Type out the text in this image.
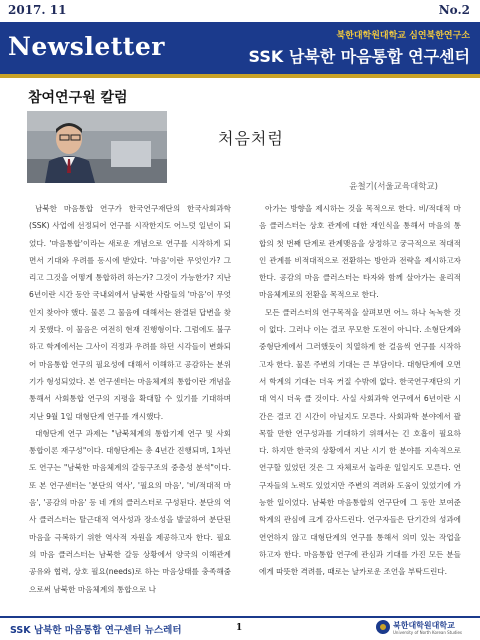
2017. 11	No.2
Newsletter	북한대학원대학교 심연북한연구소
SSK 남북한 마음통합 연구센터
참여연구원 칼럼
처음처럼
윤철기(서울교육대학교)

남북한 마음통합 연구가 한국연구재단의 한국사회과학(SSK) 사업에 선정되어 연구를 시작한지도 어느덧 일년이 되었다. '마음통합'이라는 새로운 개념으로 연구를 시작하게 되면서 기대와 우려를 동시에 받았다. '마음'이란 무엇인가? 그리고 그것을 어떻게 통합하려 하는가? 그것이 가능한가? 지난 6년이란 시간 동안 국내외에서 남북한 사람들의 '마음'이 무엇인지 찾아야 했다. 물론 그 물음에 대해서는 완결된 답변을 찾지 못했다. 이 물음은 여전히 현재 진행형이다. 그럼에도 불구하고 학계에서는 그사이 걱정과 우려를 하던 시각들이 변화되어 마음통합 연구의 필요성에 대해서 이해하고 공감하는 분위기가 형성되었다. 본 연구센터는 마음체계의 통합이란 개념을 통해서 사회통합 연구의 지평을 확대할 수 있기를 기대하며 지난 9월 1일 대형단계 연구를 개시했다.

대형단계 연구 과제는 "남북체계의 통합기제 연구 및 사회통합이론 재구성"이다. 대형단계는 총 4년간 진행되며, 1차년도 연구는 "남북한 마음체계의 갈등구조의 중층성 분석"이다. 또 본 연구센터는 '분단의 역사', '필요의 마음', '비/적대적 마음', '공감의 마음' 등 네 개의 클러스터로 구성된다. 분단의 역사 클러스터는 탈근대적 역사성과 장소성을 발굴하여 분단된 마음을 극복하기 위한 역사적 자원을 제공하고자 한다. 필요의 마음 클러스터는 남북한 갈등 상황에서 양국의 이해관계 공유와 협력, 상호 필요(needs)로 하는 마음상태를 충족해줌으로써 남북한 마음체계의 통합으로 나

아가는 방향을 제시하는 것을 목적으로 한다. 비/적대적 마음 클러스터는 상호 관계에 대한 재인식을 통해서 마음의 통합의 첫 번째 단계로 관계맺음을 상정하고 궁극적으로 적대적인 관계를 비적대적으로 전환하는 방안과 전략을 제시하고자 한다. 공감의 마음 클러스터는 타자와 함께 살아가는 윤리적 마음체계로의 전환을 목적으로 한다.

모든 클러스터의 연구목적을 살펴보면 어느 하나 녹녹한 것이 없다. 그러나 이는 결코 무모한 도전이 아니다. 소형단계와 중형단계에서 그러했듯이 치열하게 한 걸음씩 연구를 시작하고자 한다. 물론 주변의 기대는 큰 부담이다. 대형단계에 오면서 학계의 기대는 더욱 커질 수밖에 없다. 한국연구재단의 기대 역시 더욱 클 것이다. 사실 사회과학 연구에서 6년이란 시간은 결코 긴 시간이 아닐지도 모른다. 사회과학 분야에서 괄목할 만한 연구성과를 기대하기 위해서는 긴 호흡이 필요하다. 하지만 한국의 상황에서 지난 시기 한 분야를 지속적으로 연구할 있었던 것은 그 자체로서 놀라운 일일지도 모른다. 연구자들의 노력도 있었지만 주변의 격려와 도움이 있었기에 가능한 일이었다. 남북한 마음통합의 연구단에 그 동안 보여준 학계의 관심에 크게 감사드린다. 연구자들은 단기간의 성과에 연연하지 않고 대형단계의 연구를 통해서 의미 있는 작업을 하고자 한다. 마음통합 연구에 관심과 기대를 가진 모든 분들에게 따뜻한 격려를, 때로는 날카로운 조언을 부탁드린다.

SSK 남북한 마음통합 연구센터 뉴스레터	1	북한대학원대학교
University of North Korean Studies
